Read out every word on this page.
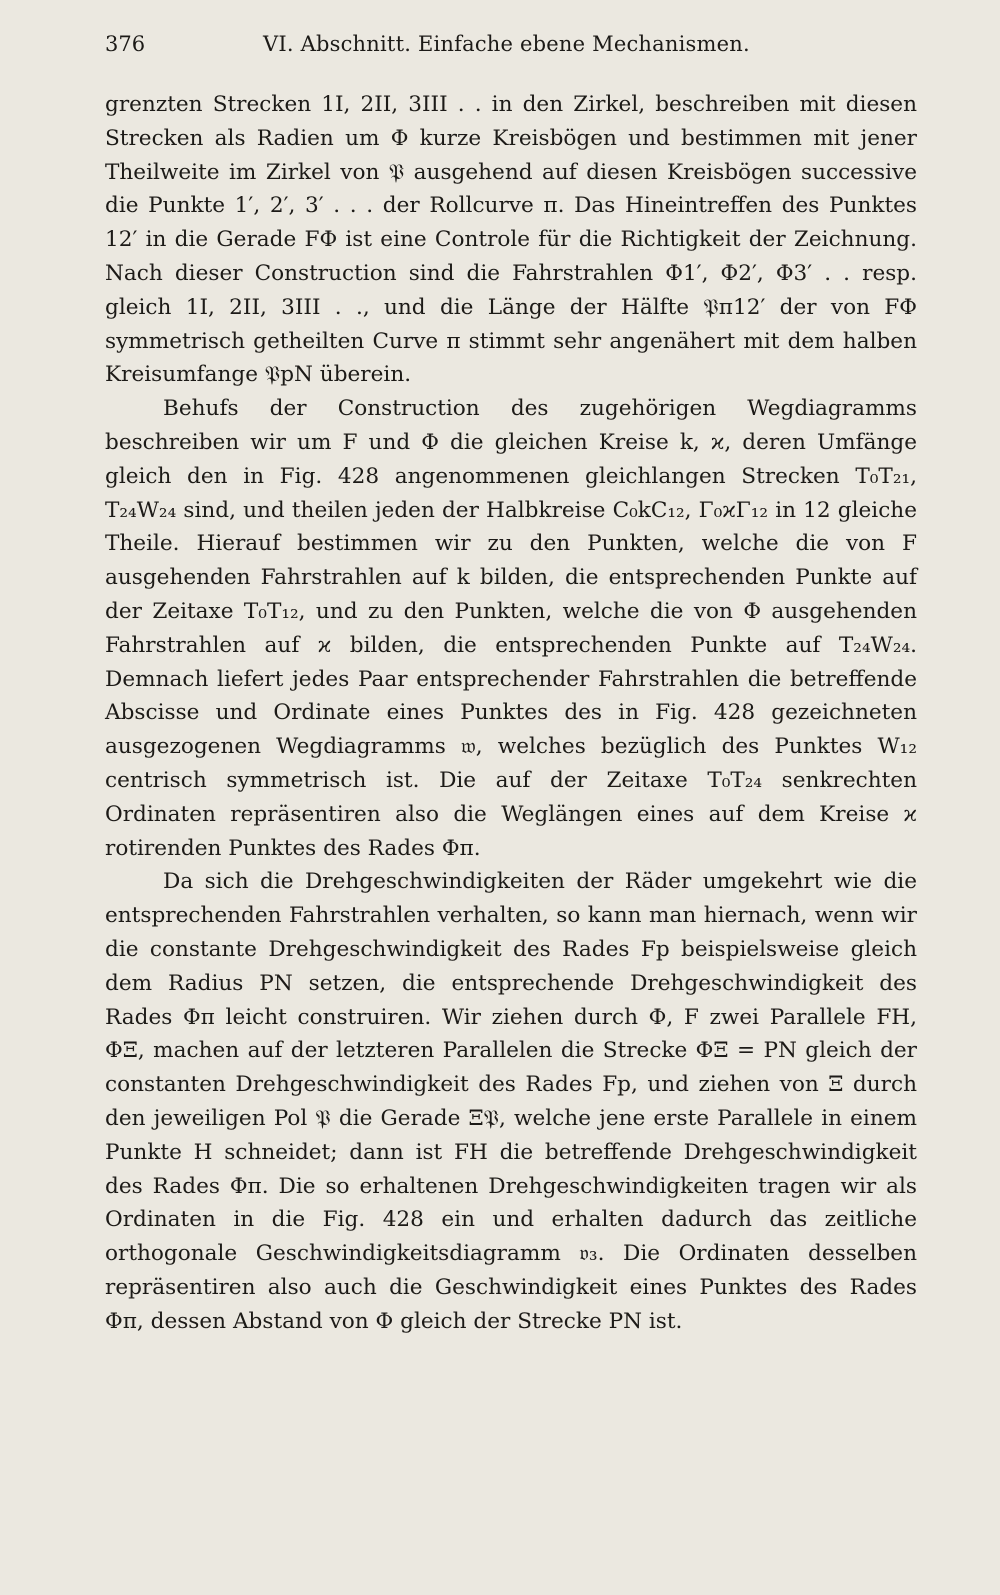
376	VI. Abschnitt. Einfache ebene Mechanismen.

grenzten Strecken 1I, 2II, 3III . . in den Zirkel, beschreiben mit diesen Strecken als Radien um Φ kurze Kreisbögen und bestimmen mit jener Theilweite im Zirkel von 𝔓 ausgehend auf diesen Kreisbögen successive die Punkte 1′, 2′, 3′ . . . der Rollcurve π. Das Hineintreffen des Punktes 12′ in die Gerade FΦ ist eine Controle für die Richtigkeit der Zeichnung. Nach dieser Construction sind die Fahrstrahlen Φ1′, Φ2′, Φ3′ . . resp. gleich 1I, 2II, 3III . ., und die Länge der Hälfte 𝔓π12′ der von FΦ symmetrisch getheilten Curve π stimmt sehr angenähert mit dem halben Kreisumfange 𝔓pN überein.

Behufs der Construction des zugehörigen Wegdiagramms beschreiben wir um F und Φ die gleichen Kreise k, ϰ, deren Umfänge gleich den in Fig. 428 angenommenen gleichlangen Strecken T₀T₂₁, T₂₄W₂₄ sind, und theilen jeden der Halbkreise C₀kC₁₂, Γ₀ϰΓ₁₂ in 12 gleiche Theile. Hierauf bestimmen wir zu den Punkten, welche die von F ausgehenden Fahrstrahlen auf k bilden, die entsprechenden Punkte auf der Zeitaxe T₀T₁₂, und zu den Punkten, welche die von Φ ausgehenden Fahrstrahlen auf ϰ bilden, die entsprechenden Punkte auf T₂₄W₂₄. Demnach liefert jedes Paar entsprechender Fahrstrahlen die betreffende Abscisse und Ordinate eines Punktes des in Fig. 428 gezeichneten ausgezogenen Wegdiagramms 𝔴, welches bezüglich des Punktes W₁₂ centrisch symmetrisch ist. Die auf der Zeitaxe T₀T₂₄ senkrechten Ordinaten repräsentiren also die Weglängen eines auf dem Kreise ϰ rotirenden Punktes des Rades Φπ.

Da sich die Drehgeschwindigkeiten der Räder umgekehrt wie die entsprechenden Fahrstrahlen verhalten, so kann man hiernach, wenn wir die constante Drehgeschwindigkeit des Rades Fp beispielsweise gleich dem Radius PN setzen, die entsprechende Drehgeschwindigkeit des Rades Φπ leicht construiren. Wir ziehen durch Φ, F zwei Parallele FH, ΦΞ, machen auf der letzteren Parallelen die Strecke ΦΞ = PN gleich der constanten Drehgeschwindigkeit des Rades Fp, und ziehen von Ξ durch den jeweiligen Pol 𝔓 die Gerade Ξ𝔓, welche jene erste Parallele in einem Punkte H schneidet; dann ist FH die betreffende Drehgeschwindigkeit des Rades Φπ. Die so erhaltenen Drehgeschwindigkeiten tragen wir als Ordinaten in die Fig. 428 ein und erhalten dadurch das zeitliche orthogonale Geschwindigkeitsdiagramm 𝔳₃. Die Ordinaten desselben repräsentiren also auch die Geschwindigkeit eines Punktes des Rades Φπ, dessen Abstand von Φ gleich der Strecke PN ist.
